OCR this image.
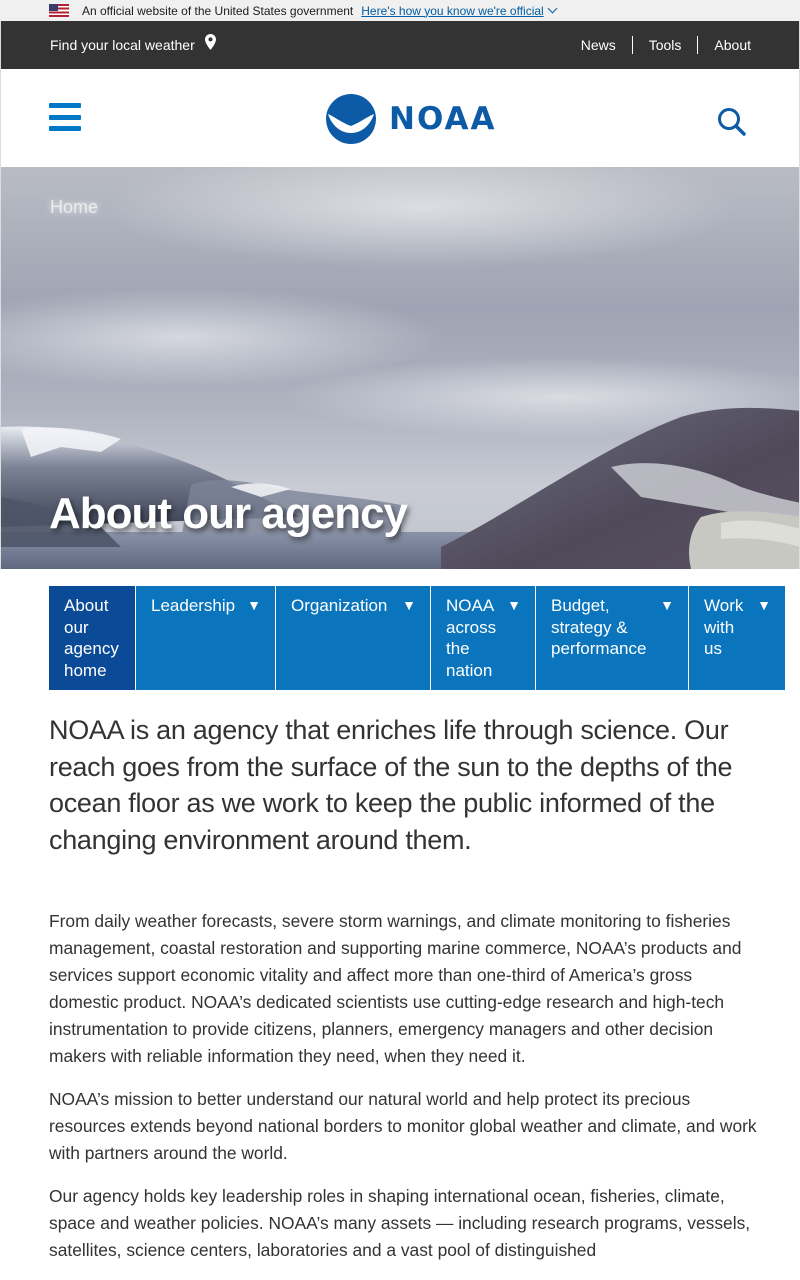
An official website of the United States government Here's how you know we're official
Find your local weather	News	Tools	About
NOAA
Home
About our agency
About our agency home
Leadership ▼ Organization ▼ NOAA across the nation
▼ Budget, strategy & performance
▼ Work with us
▼

NOAA is an agency that enriches life through science. Our reach goes from the surface of the sun to the depths of the ocean floor as we work to keep the public informed of the changing environment around them.

From daily weather forecasts, severe storm warnings, and climate monitoring to fisheries management, coastal restoration and supporting marine commerce, NOAA’s products and services support economic vitality and affect more than one-third of America’s gross domestic product. NOAA’s dedicated scientists use cutting-edge research and high-tech instrumentation to provide citizens, planners, emergency managers and other decision makers with reliable information they need, when they need it.

NOAA’s mission to better understand our natural world and help protect its precious resources extends beyond national borders to monitor global weather and climate, and work with partners around the world.

Our agency holds key leadership roles in shaping international ocean, fisheries, climate, space and weather policies. NOAA’s many assets — including research programs, vessels, satellites, science centers, laboratories and a vast pool of distinguished
